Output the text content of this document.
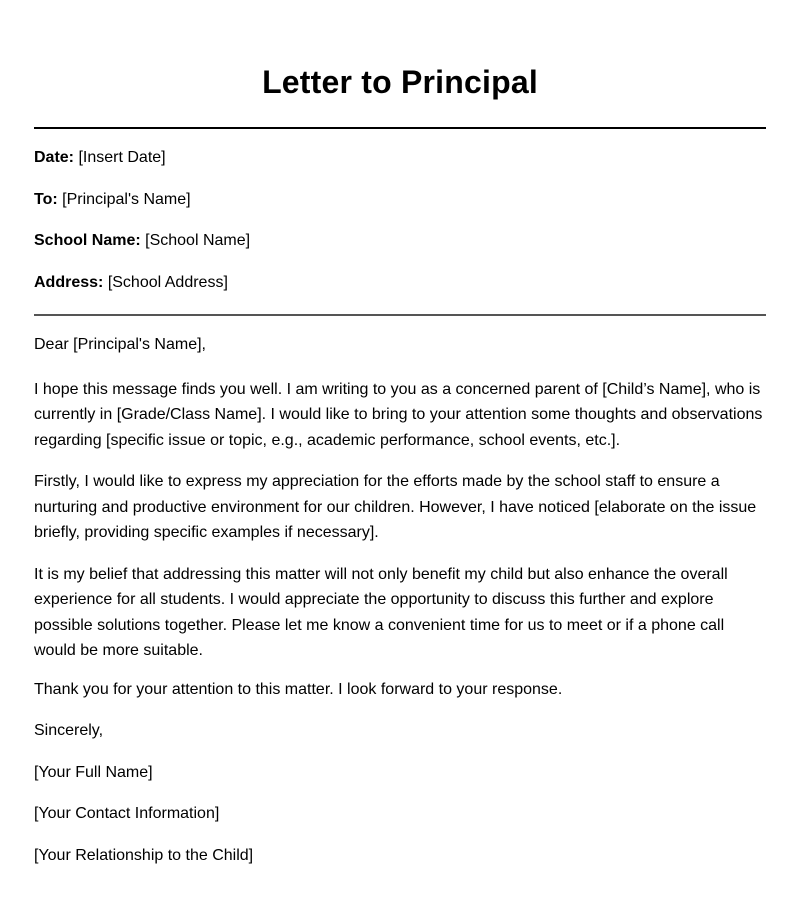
Letter to Principal
Date: [Insert Date]
To: [Principal's Name]
School Name: [School Name]
Address: [School Address]

Dear [Principal's Name],

I hope this message finds you well. I am writing to you as a concerned parent of [Child’s Name], who is currently in [Grade/Class Name]. I would like to bring to your attention some thoughts and observations regarding [specific issue or topic, e.g., academic performance, school events, etc.].

Firstly, I would like to express my appreciation for the efforts made by the school staff to ensure a nurturing and productive environment for our children. However, I have noticed [elaborate on the issue briefly, providing specific examples if necessary].

It is my belief that addressing this matter will not only benefit my child but also enhance the overall experience for all students. I would appreciate the opportunity to discuss this further and explore possible solutions together. Please let me know a convenient time for us to meet or if a phone call would be more suitable.

Thank you for your attention to this matter. I look forward to your response.

Sincerely,

[Your Full Name]

[Your Contact Information]

[Your Relationship to the Child]
